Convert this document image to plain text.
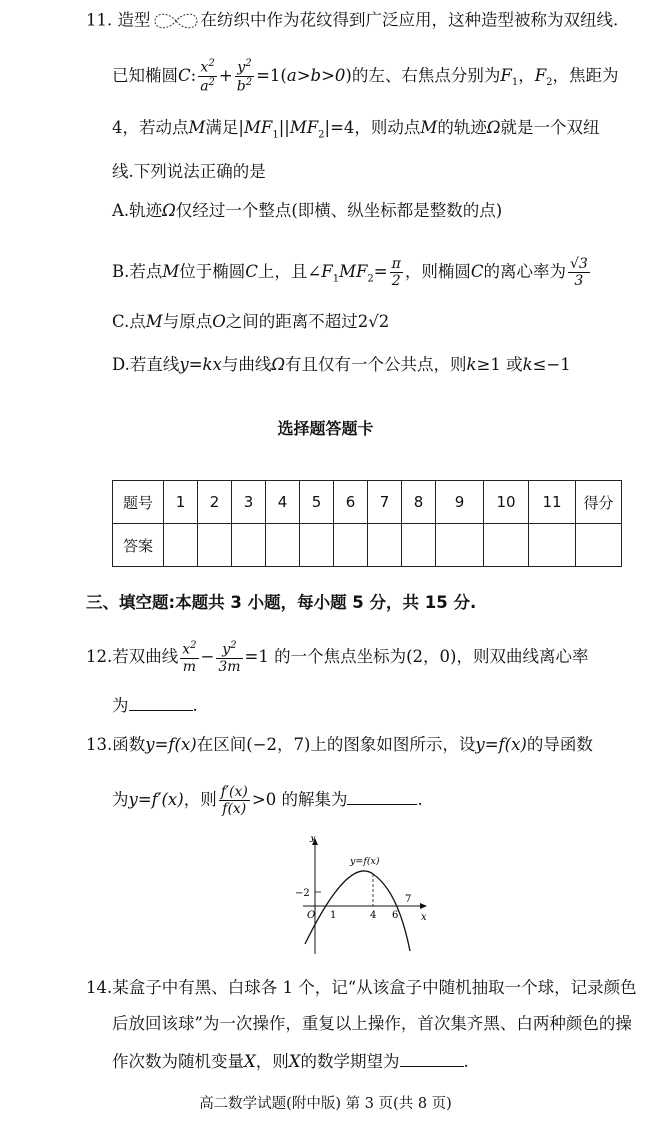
11. 造型	在纺织中作为花纹得到广泛应用，这种造型被称为双纽线.
已知椭圆C: $\frac{x^2}{a^2} + \frac{y^2}{b^2} =1(a>b>0)$的左、右焦点分别为$F_1$，$F_2$，焦距为
4，若动点M满足$|MF_1||MF_2|=4$，则动点M的轨迹Ω就是一个双纽
线.下列说法正确的是
A.轨迹Ω仅经过一个整点(即横、纵坐标都是整数的点)
B.若点M位于椭圆C上，且$\angle F_1MF_2= \frac{\pi}{2}$ ，则椭圆C的离心率为 $\frac{√3}{3}$
C.点M与原点O之间的距离不超过2√2
D.若直线y=kx与曲线Ω有且仅有一个公共点，则k≥1 或k≤−1
选择题答题卡
题号	1	2	3	4	5	6	7	8	9	10	11	得分
答案												
三、填空题:本题共 3 小题，每小题 5 分，共 15 分.
12.若双曲线 $\frac{x^2}{m} - \frac{y^2}{3m} =1$ 的一个焦点坐标为(2，0)，则双曲线离心率
为	.
13.函数y=f(x)在区间(−2，7)上的图象如图所示，设y=f(x)的导函数
为y=f′(x)，则 $\frac{f'(x)}{f(x)} >0$ 的解集为	.
y
x
y=f(x)
−2
O 1	4 6
7
14.某盒子中有黑、白球各 1 个，记“从该盒子中随机抽取一个球，记录颜色
后放回该球”为一次操作，重复以上操作，首次集齐黑、白两种颜色的操
作次数为随机变量X，则X的数学期望为	.
高二数学试题(附中版) 第 3 页(共 8 页)
